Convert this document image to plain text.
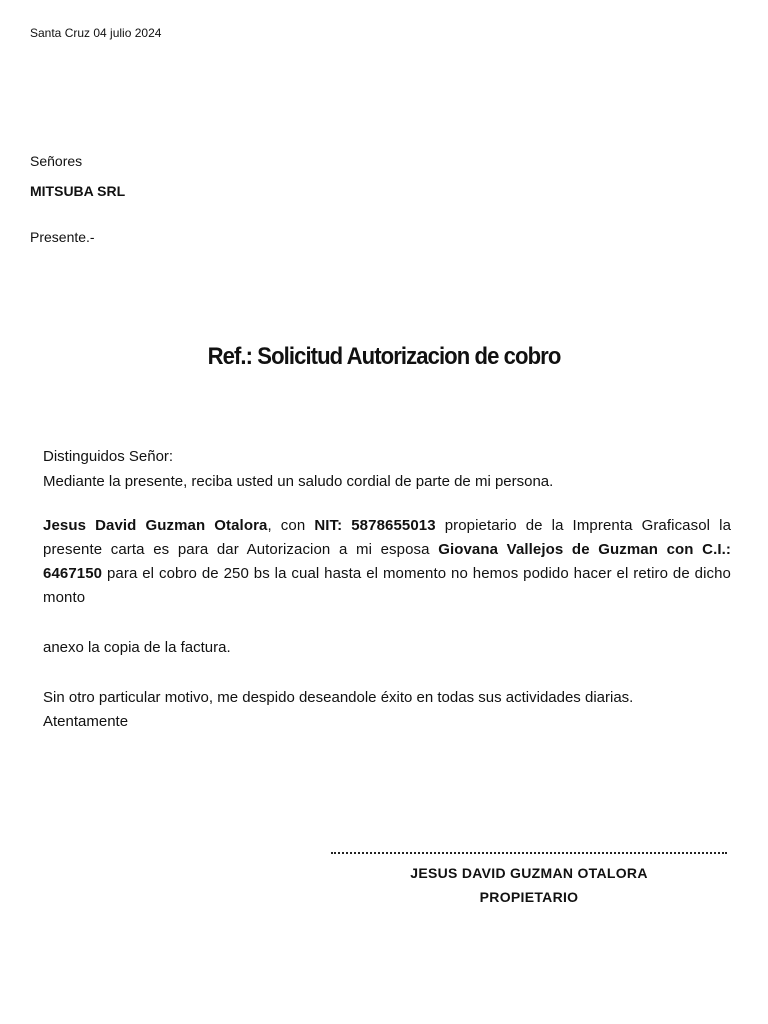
Santa Cruz 04 julio 2024
Señores
MITSUBA SRL
Presente.-
Ref.: Solicitud Autorizacion de cobro
Distinguidos Señor:
Mediante la presente, reciba usted un saludo cordial de parte de mi persona.
Jesus David Guzman Otalora, con NIT: 5878655013 propietario de la Imprenta Graficasol la presente carta es para dar Autorizacion a mi esposa Giovana Vallejos de Guzman con C.I.: 6467150 para el cobro de 250 bs la cual hasta el momento no hemos podido hacer el retiro de dicho monto
anexo la copia de la factura.
Sin otro particular motivo, me despido deseandole éxito en todas sus actividades diarias.
Atentamente
JESUS DAVID GUZMAN OTALORA
PROPIETARIO
